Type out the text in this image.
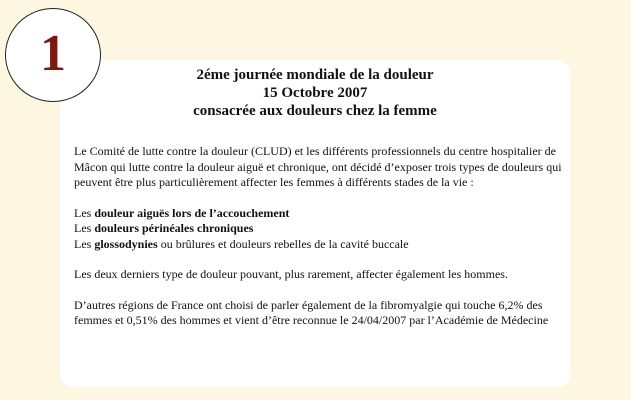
1	2éme journée mondiale de la douleur
15 Octobre 2007
consacrée aux douleurs chez la femme

Le Comité de lutte contre la douleur (CLUD) et les différents professionnels du centre hospitalier de Mâcon qui lutte contre la douleur aiguë et chronique, ont décidé d’exposer trois types de douleurs qui peuvent être plus particulièrement affecter les femmes à différents stades de la vie :

Les douleur aiguës lors de l’accouchement

Les douleurs périnéales chroniques

Les glossodynies ou brûlures et douleurs rebelles de la cavité buccale

Les deux derniers type de douleur pouvant, plus rarement, affecter également les hommes.

D’autres régions de France ont choisi de parler également de la fibromyalgie qui touche 6,2% des femmes et 0,51% des hommes et vient d’être reconnue le 24/04/2007 par l’Académie de Médecine
